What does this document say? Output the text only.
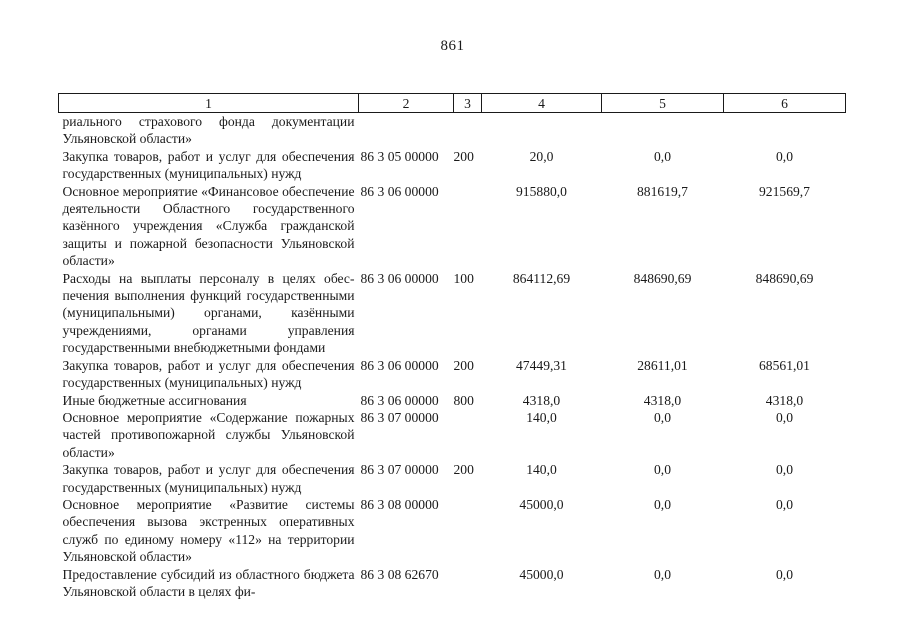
861
1	2	3	4	5	6
риального страхового фонда документации Ульяновской области»					
Закупка товаров, работ и услуг для обеспечения государственных (муниципальных) нужд	86 3 05 00000	200	20,0	0,0	0,0
Основное мероприятие «Финансовое обеспечение деятельности Областного государственного казённого учреждения «Служба гражданской защиты и пожарной безопасности Ульяновской области»	86 3 06 00000		915880,0	881619,7	921569,7
Расходы на выплаты персоналу в целях обеспечения выполнения функций государственными (муниципальными) органами, казёнными учреждениями, органами управления государственными внебюджетными фондами	86 3 06 00000	100	864112,69	848690,69	848690,69
Закупка товаров, работ и услуг для обеспечения государственных (муниципальных) нужд	86 3 06 00000	200	47449,31	28611,01	68561,01
Иные бюджетные ассигнования	86 3 06 00000	800	4318,0	4318,0	4318,0
Основное мероприятие «Содержание пожарных частей противопожарной службы Ульяновской области»	86 3 07 00000		140,0	0,0	0,0
Закупка товаров, работ и услуг для обеспечения государственных (муниципальных) нужд	86 3 07 00000	200	140,0	0,0	0,0
Основное мероприятие «Развитие системы обеспечения вызова экстренных оперативных служб по единому номеру «112» на территории Ульяновской области»	86 3 08 00000		45000,0	0,0	0,0
Предоставление субсидий из областного бюджета Ульяновской области в целях фи-	86 3 08 62670		45000,0	0,0	0,0
